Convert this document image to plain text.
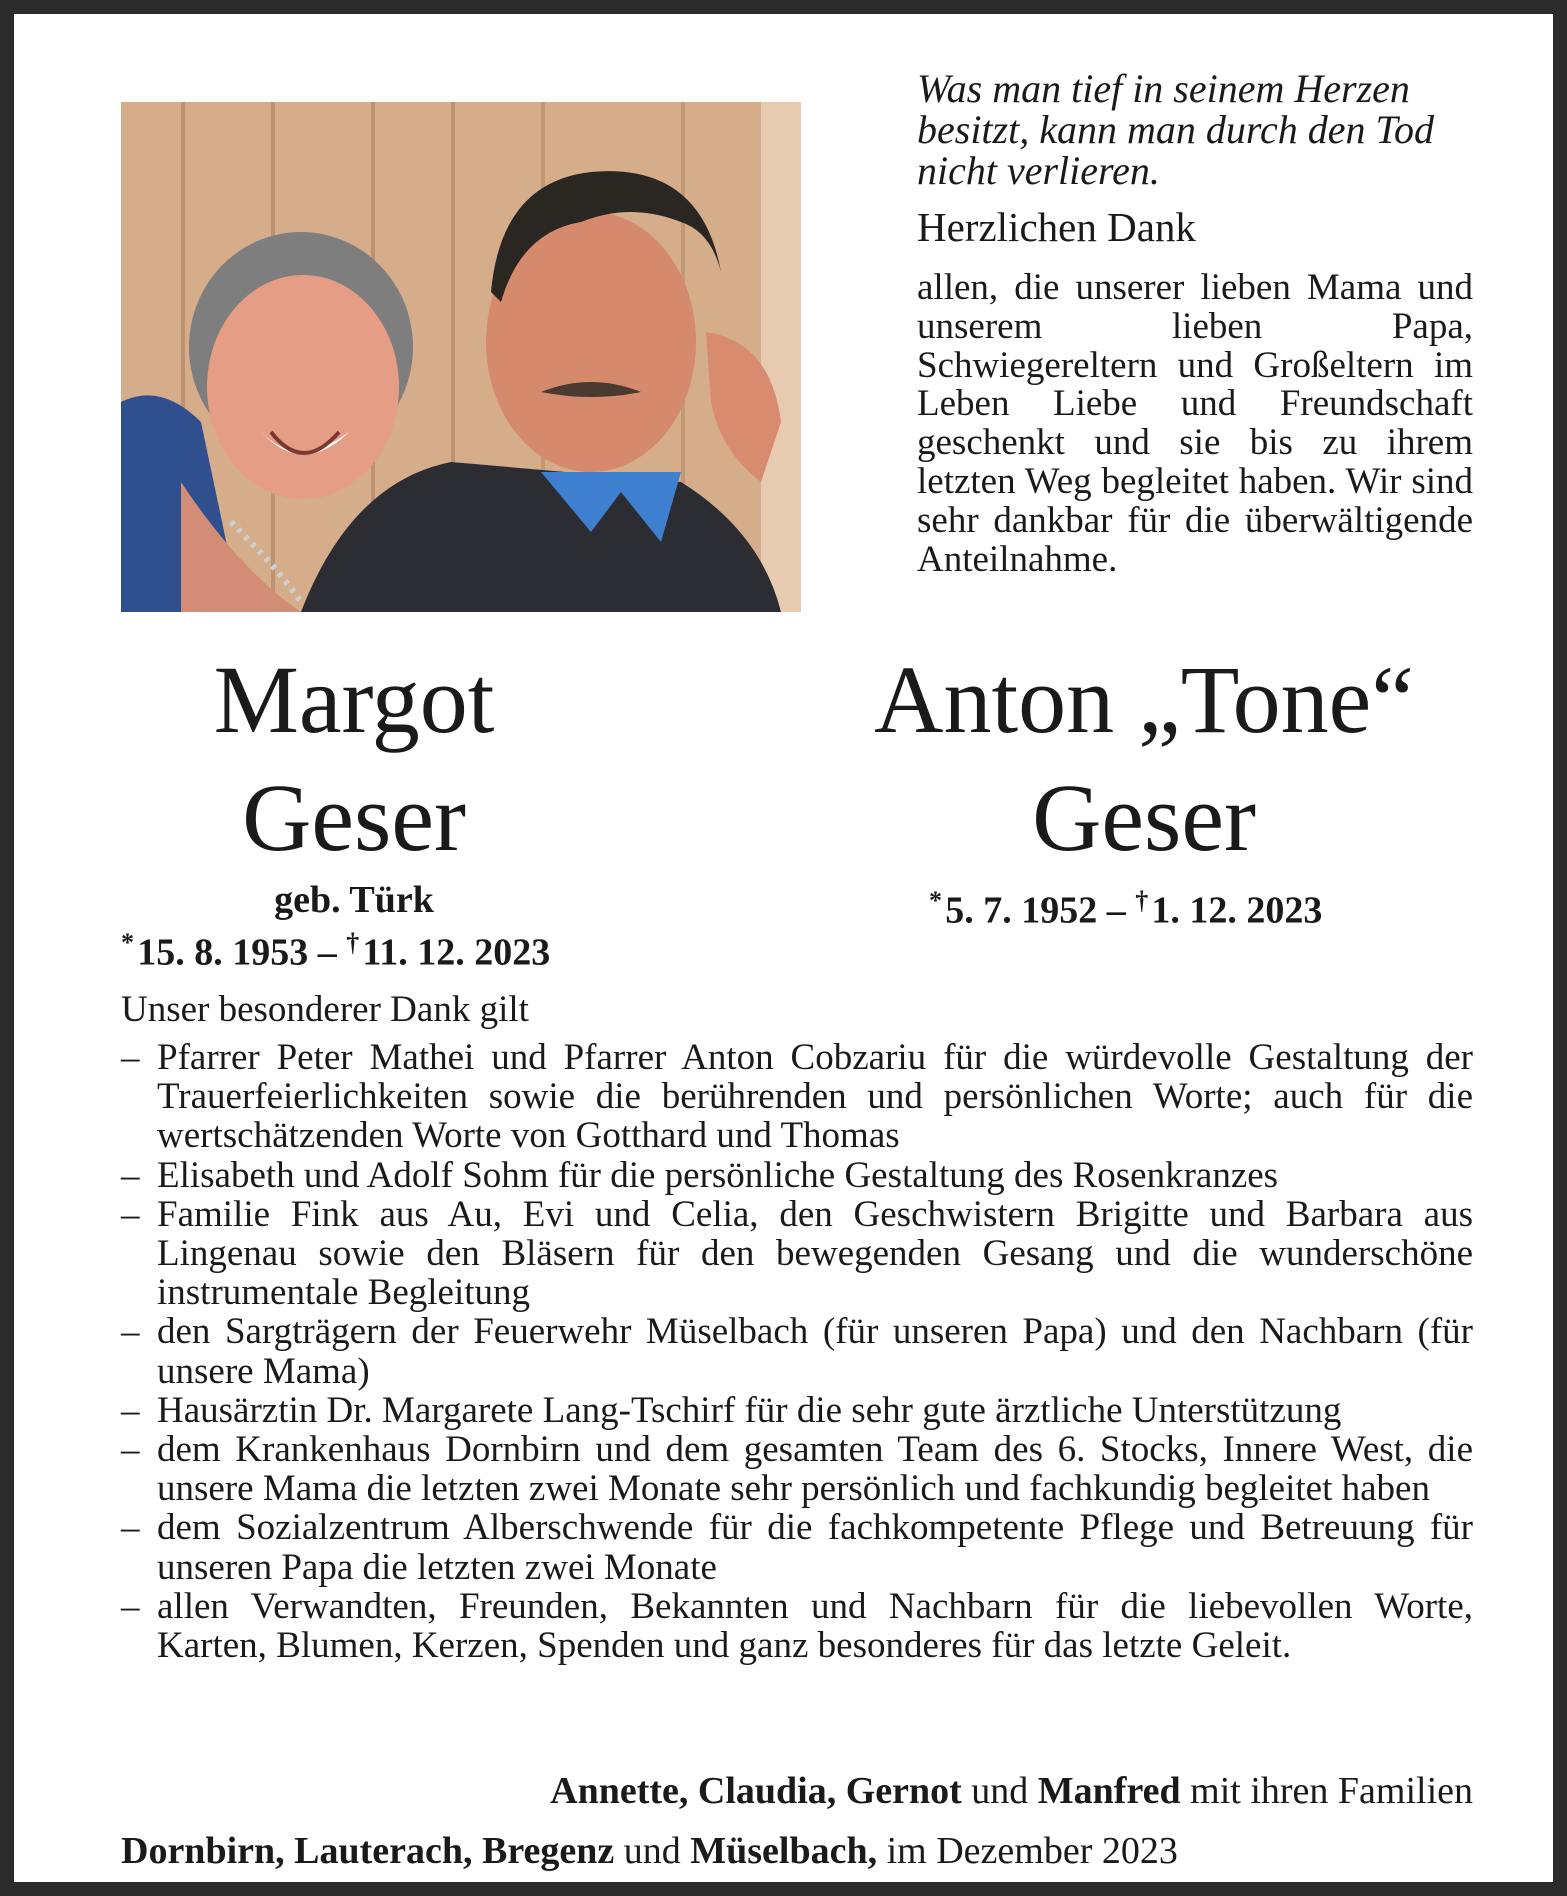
Was man tief in seinem Herzen
besitzt, kann man durch den Tod
nicht verlieren.
Herzlichen Dank
allen, die unserer lieben Mama und unserem lieben Papa, Schwiegereltern und Großeltern im Leben Liebe und Freundschaft geschenkt und sie bis zu ihrem letzten Weg begleitet haben. Wir sind sehr dankbar für die überwältigende Anteilnahme.
Margot
Geser
geb. Türk
* 15. 8. 1953 – † 11. 12. 2023
Anton „Tone“
Geser
* 5. 7. 1952 – † 1. 12. 2023
Unser besonderer Dank gilt
– Pfarrer Peter Mathei und Pfarrer Anton Cobzariu für die würdevolle Gestaltung der Trauerfeierlichkeiten sowie die berührenden und persönlichen Worte; auch für die wertschätzenden Worte von Gotthard und Thomas
– Elisabeth und Adolf Sohm für die persönliche Gestaltung des Rosenkranzes
– Familie Fink aus Au, Evi und Celia, den Geschwistern Brigitte und Barbara aus Lingenau sowie den Bläsern für den bewegenden Gesang und die wunderschöne instrumentale Begleitung
– den Sargträgern der Feuerwehr Müselbach (für unseren Papa) und den Nachbarn (für unsere Mama)
– Hausärztin Dr. Margarete Lang-Tschirf für die sehr gute ärztliche Unterstützung
– dem Krankenhaus Dornbirn und dem gesamten Team des 6. Stocks, Innere West, die unsere Mama die letzten zwei Monate sehr persönlich und fachkundig begleitet haben
– dem Sozialzentrum Alberschwende für die fachkompetente Pflege und Betreuung für unseren Papa die letzten zwei Monate
– allen Verwandten, Freunden, Bekannten und Nachbarn für die liebevollen Worte, Karten, Blumen, Kerzen, Spenden und ganz besonderes für das letzte Geleit.
Annette, Claudia, Gernot und Manfred mit ihren Familien
Dornbirn, Lauterach, Bregenz und Müselbach, im Dezember 2023
